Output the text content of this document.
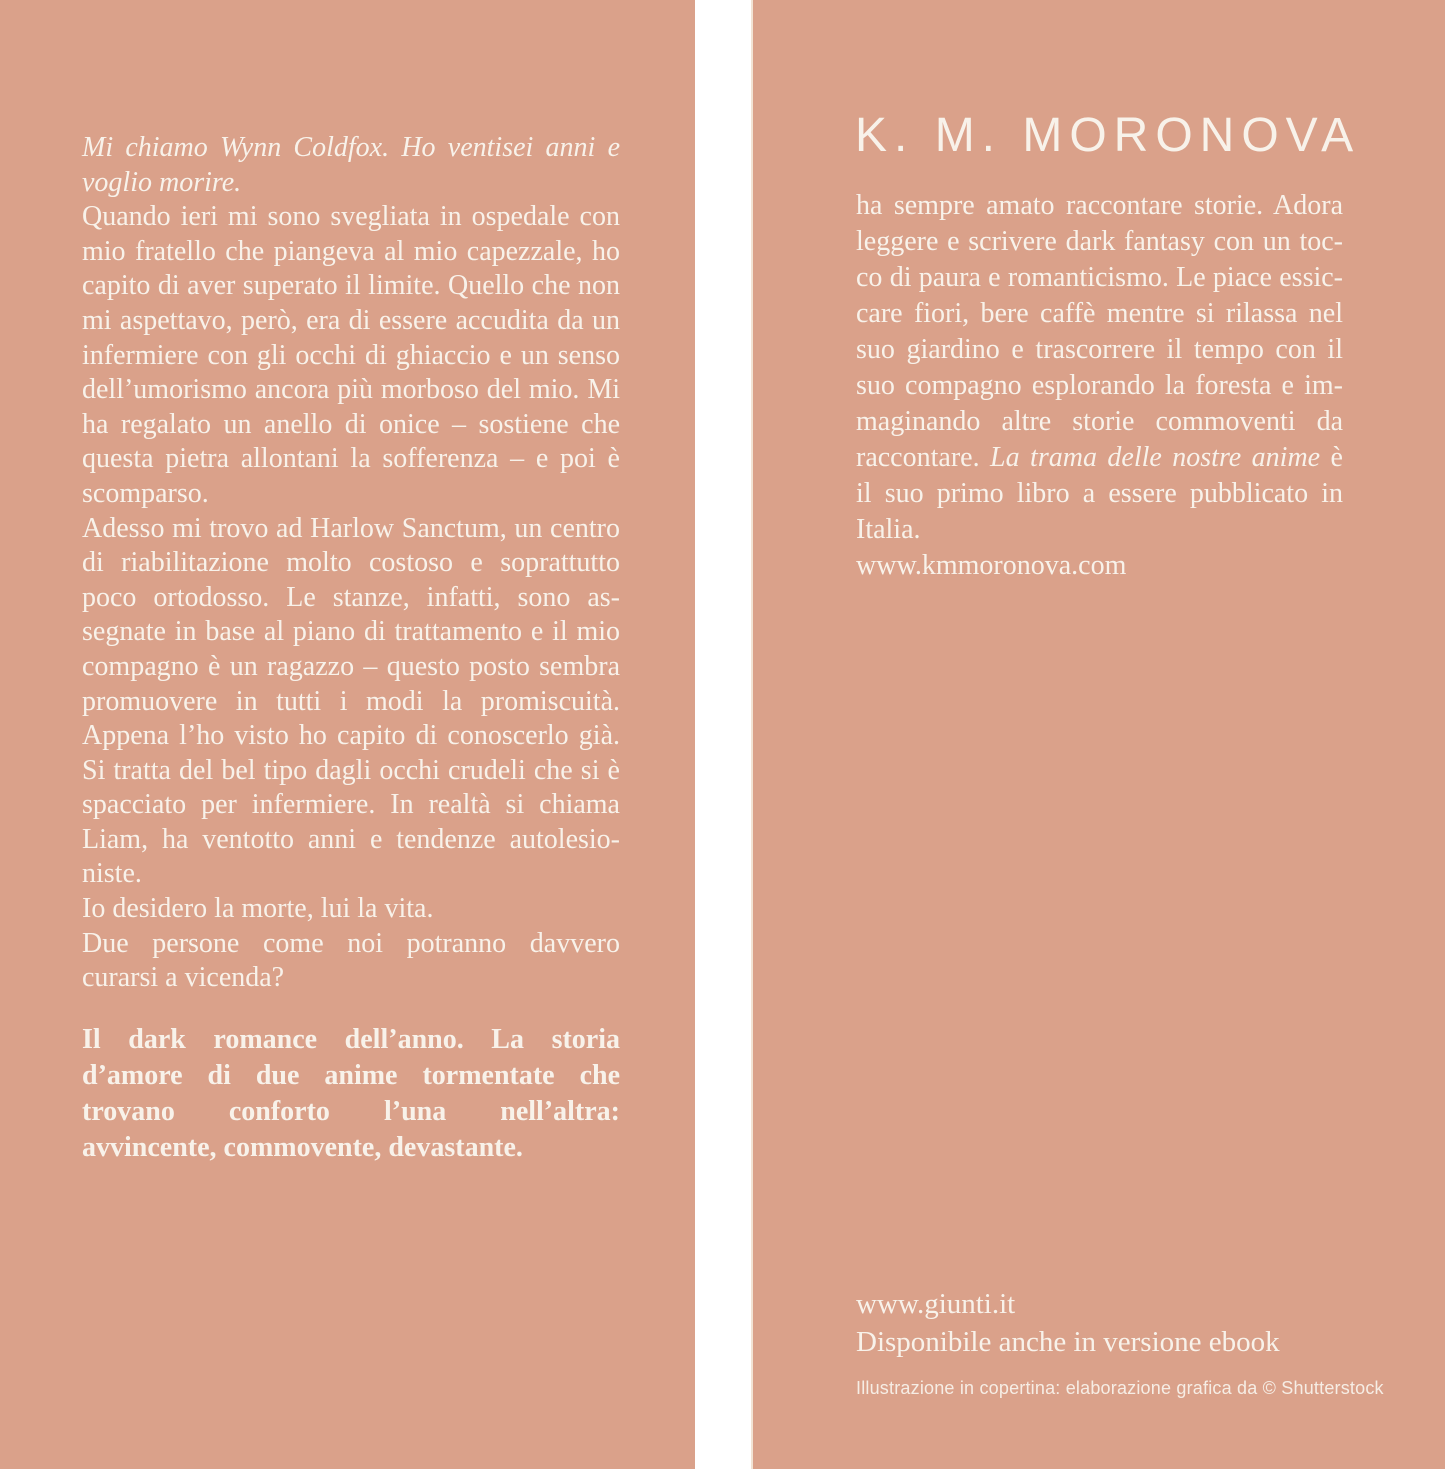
Mi chiamo Wynn Coldfox. Ho ventisei anni e voglio morire.

Quando ieri mi sono svegliata in ospedale con mio fratello che piangeva al mio capezzale, ho capito di aver superato il limite. Quello che non mi aspettavo, però, era di essere accudita da un infermiere con gli occhi di ghiaccio e un senso dell’umorismo ancora più morboso del mio. Mi ha regalato un anello di onice – sostiene che questa pietra allontani la sofferenza – e poi è scomparso.

Adesso mi trovo ad Harlow Sanctum, un centro di riabilitazione molto costoso e soprattutto poco ortodosso. Le stanze, infatti, sono assegnate in base al piano di trattamento e il mio compagno è un ragazzo – questo posto sembra promuovere in tutti i modi la promiscuità. Appena l’ho visto ho capito di conoscerlo già. Si tratta del bel tipo dagli occhi crudeli che si è spacciato per infermiere. In realtà si chiama Liam, ha ventotto anni e tendenze autolesioniste.

Io desidero la morte, lui la vita.

Due persone come noi potranno davvero curarsi a vicenda?

Il dark romance dell’anno. La storia d’amore di due anime tormentate che trovano conforto l’una nell’altra: avvincente, commovente, devastante.

K. M. MORONOVA

ha sempre amato raccontare storie. Adora leggere e scrivere dark fantasy con un tocco di paura e romanticismo. Le piace essiccare fiori, bere caffè mentre si rilassa nel suo giardino e trascorrere il tempo con il suo compagno esplorando la foresta e immaginando altre storie commoventi da raccontare. La trama delle nostre anime è il suo primo libro a essere pubblicato in Italia.

www.kmmoronova.com

www.giunti.it

Disponibile anche in versione ebook

Illustrazione in copertina: elaborazione grafica da © Shutterstock
